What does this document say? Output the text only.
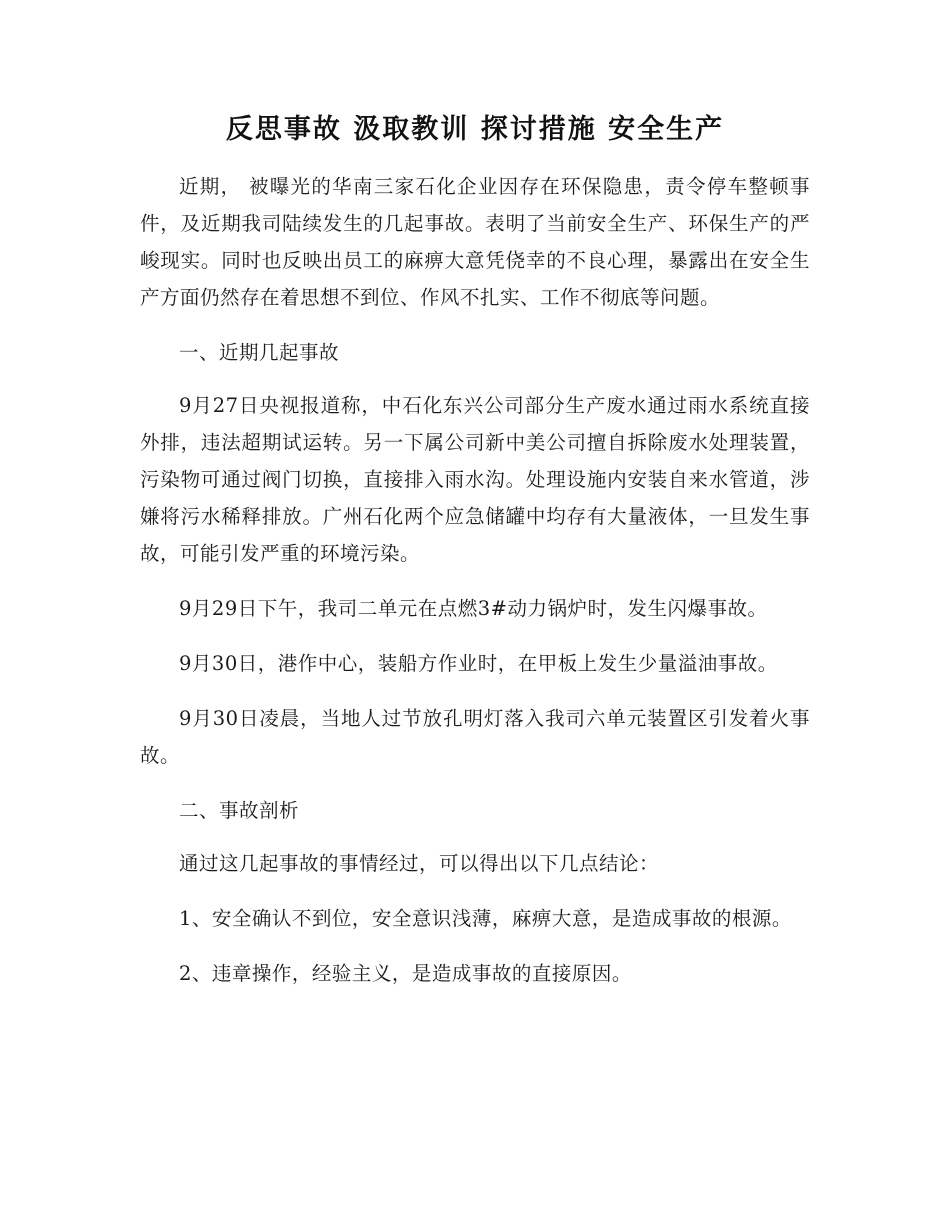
反思事故 汲取教训 探讨措施 安全生产

近期， 被曝光的华南三家石化企业因存在环保隐患，责令停车整顿事件，及近期我司陆续发生的几起事故。表明了当前安全生产、环保生产的严峻现实。同时也反映出员工的麻痹大意凭侥幸的不良心理，暴露出在安全生产方面仍然存在着思想不到位、作风不扎实、工作不彻底等问题。

一、近期几起事故

9月27日央视报道称，中石化东兴公司部分生产废水通过雨水系统直接外排，违法超期试运转。另一下属公司新中美公司擅自拆除废水处理装置，污染物可通过阀门切换，直接排入雨水沟。处理设施内安装自来水管道，涉嫌将污水稀释排放。广州石化两个应急储罐中均存有大量液体，一旦发生事故，可能引发严重的环境污染。

9月29日下午，我司二单元在点燃3#动力锅炉时，发生闪爆事故。

9月30日，港作中心，装船方作业时，在甲板上发生少量溢油事故。

9月30日凌晨，当地人过节放孔明灯落入我司六单元装置区引发着火事故。

二、事故剖析

通过这几起事故的事情经过，可以得出以下几点结论：

1、安全确认不到位，安全意识浅薄，麻痹大意，是造成事故的根源。

2、违章操作，经验主义，是造成事故的直接原因。
